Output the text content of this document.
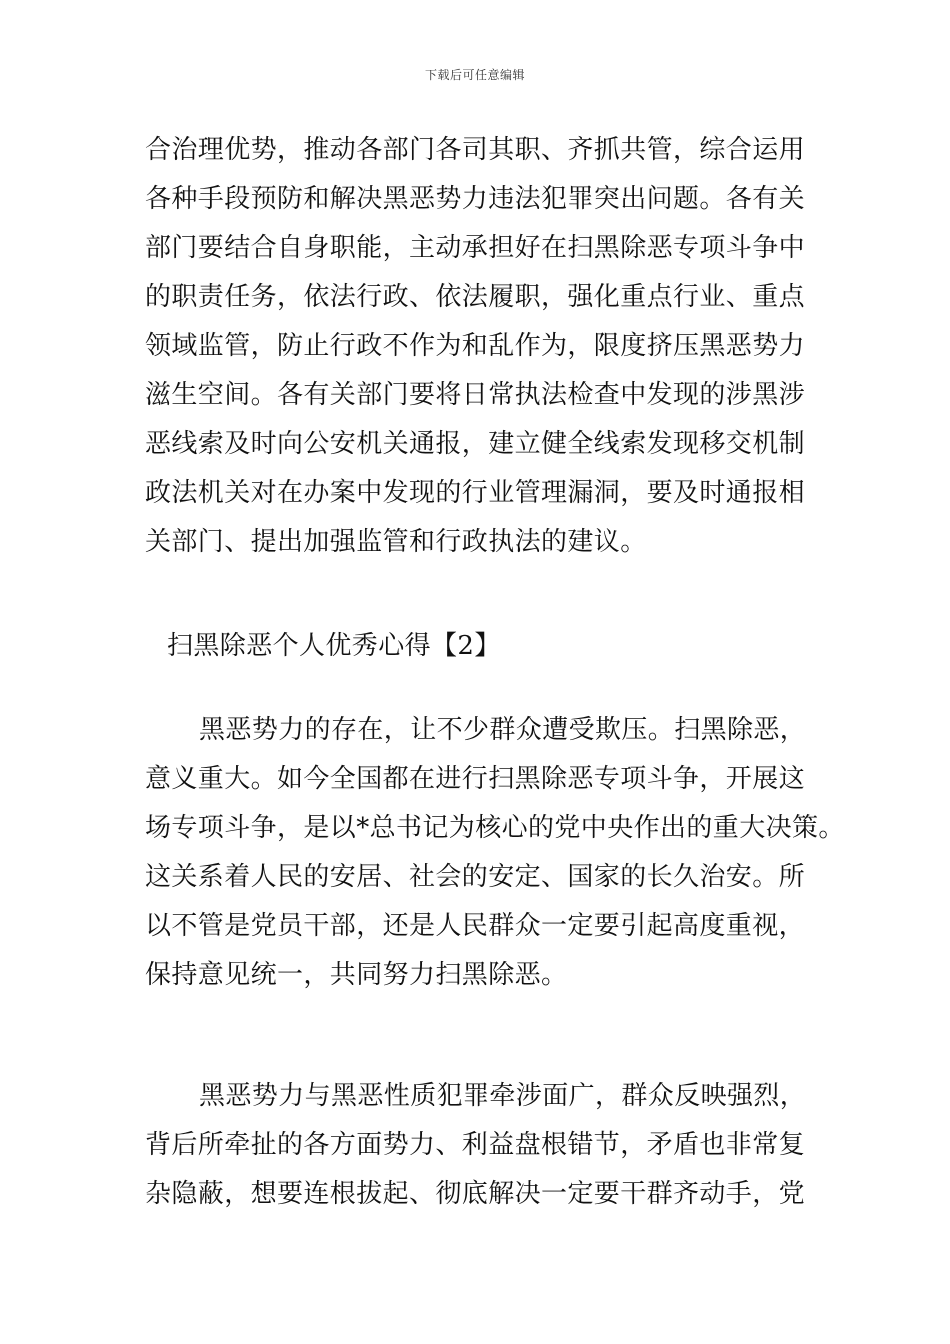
下载后可任意编辑
合治理优势，推动各部门各司其职、齐抓共管，综合运用
各种手段预防和解决黑恶势力违法犯罪突出问题。各有关
部门要结合自身职能，主动承担好在扫黑除恶专项斗争中
的职责任务，依法行政、依法履职，强化重点行业、重点
领域监管，防止行政不作为和乱作为，限度挤压黑恶势力
滋生空间。各有关部门要将日常执法检查中发现的涉黑涉
恶线索及时向公安机关通报，建立健全线索发现移交机制
政法机关对在办案中发现的行业管理漏洞，要及时通报相
关部门、提出加强监管和行政执法的建议。
扫黑除恶个人优秀心得【2】
黑恶势力的存在，让不少群众遭受欺压。扫黑除恶，
意义重大。如今全国都在进行扫黑除恶专项斗争，开展这
场专项斗争，是以*总书记为核心的党中央作出的重大决策。
这关系着人民的安居、社会的安定、国家的长久治安。所
以不管是党员干部，还是人民群众一定要引起高度重视，
保持意见统一，共同努力扫黑除恶。
黑恶势力与黑恶性质犯罪牵涉面广，群众反映强烈，
背后所牵扯的各方面势力、利益盘根错节，矛盾也非常复
杂隐蔽，想要连根拔起、彻底解决一定要干群齐动手，党
